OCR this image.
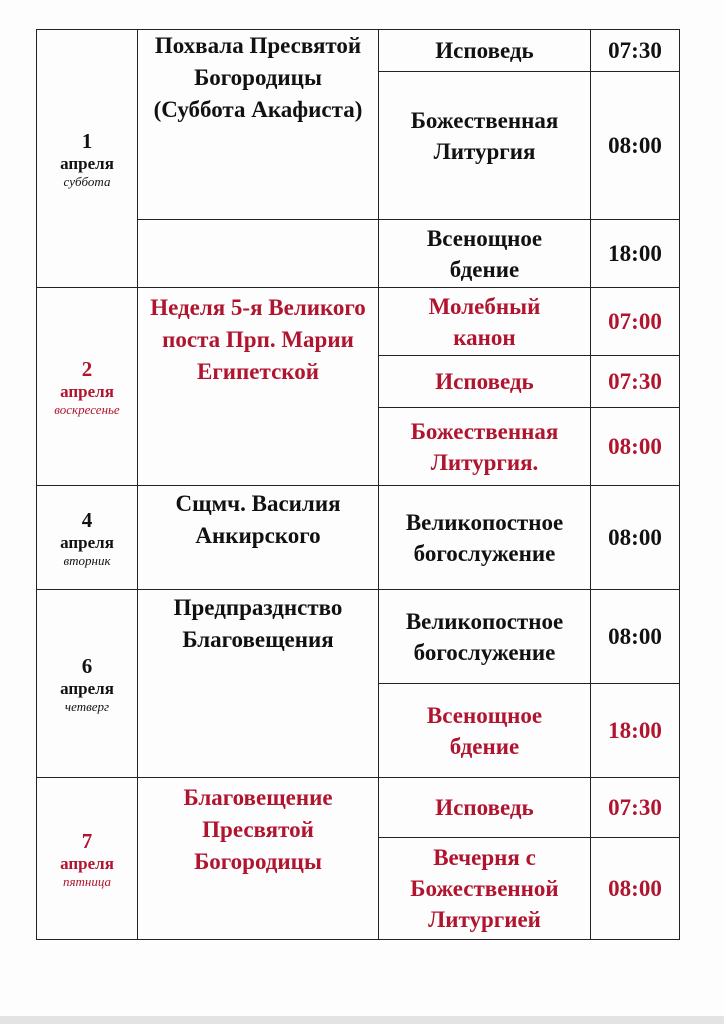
1
апреля
суббота	Похвала Пресвятой Богородицы (Суббота Акафиста)	Исповедь	07:30
		Божественная Литургия	08:00
		Всенощное бдение	18:00

2
апреля
воскресенье	Неделя 5-я Великого поста Прп. Марии Египетской	Молебный канон	07:00
		Исповедь	07:30
		Божественная Литургия.	08:00

4
апреля
вторник	Сщмч. Василия Анкирского	Великопостное богослужение	08:00

6
апреля
четверг	Предпразднство Благовещения	Великопостное богослужение	08:00
		Всенощное бдение	18:00

7
апреля
пятница	Благовещение Пресвятой Богородицы	Исповедь	07:30
		Вечерня с Божественной Литургией	08:00
